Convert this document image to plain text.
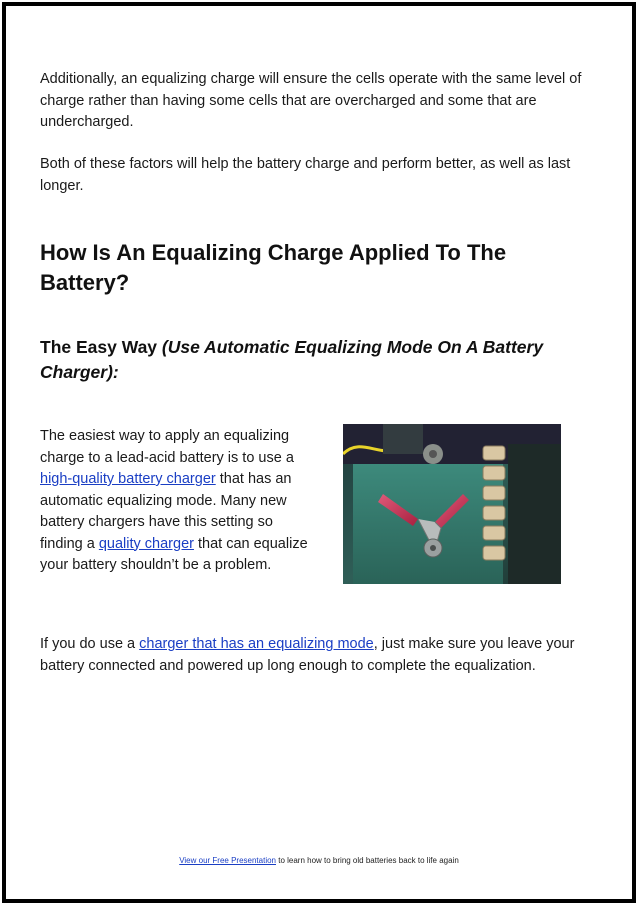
Additionally, an equalizing charge will ensure the cells operate with the same level of charge rather than having some cells that are overcharged and some that are undercharged.

Both of these factors will help the battery charge and perform better, as well as last longer.

How Is An Equalizing Charge Applied To The Battery?
The Easy Way (Use Automatic Equalizing Mode On A Battery Charger):

The easiest way to apply an equalizing charge to a lead-acid battery is to use a high-quality battery charger that has an automatic equalizing mode. Many new battery chargers have this setting so finding a quality charger that can equalize your battery shouldn’t be a problem.

If you do use a charger that has an equalizing mode, just make sure you leave your battery connected and powered up long enough to complete the equalization.

View our Free Presentation to learn how to bring old batteries back to life again
